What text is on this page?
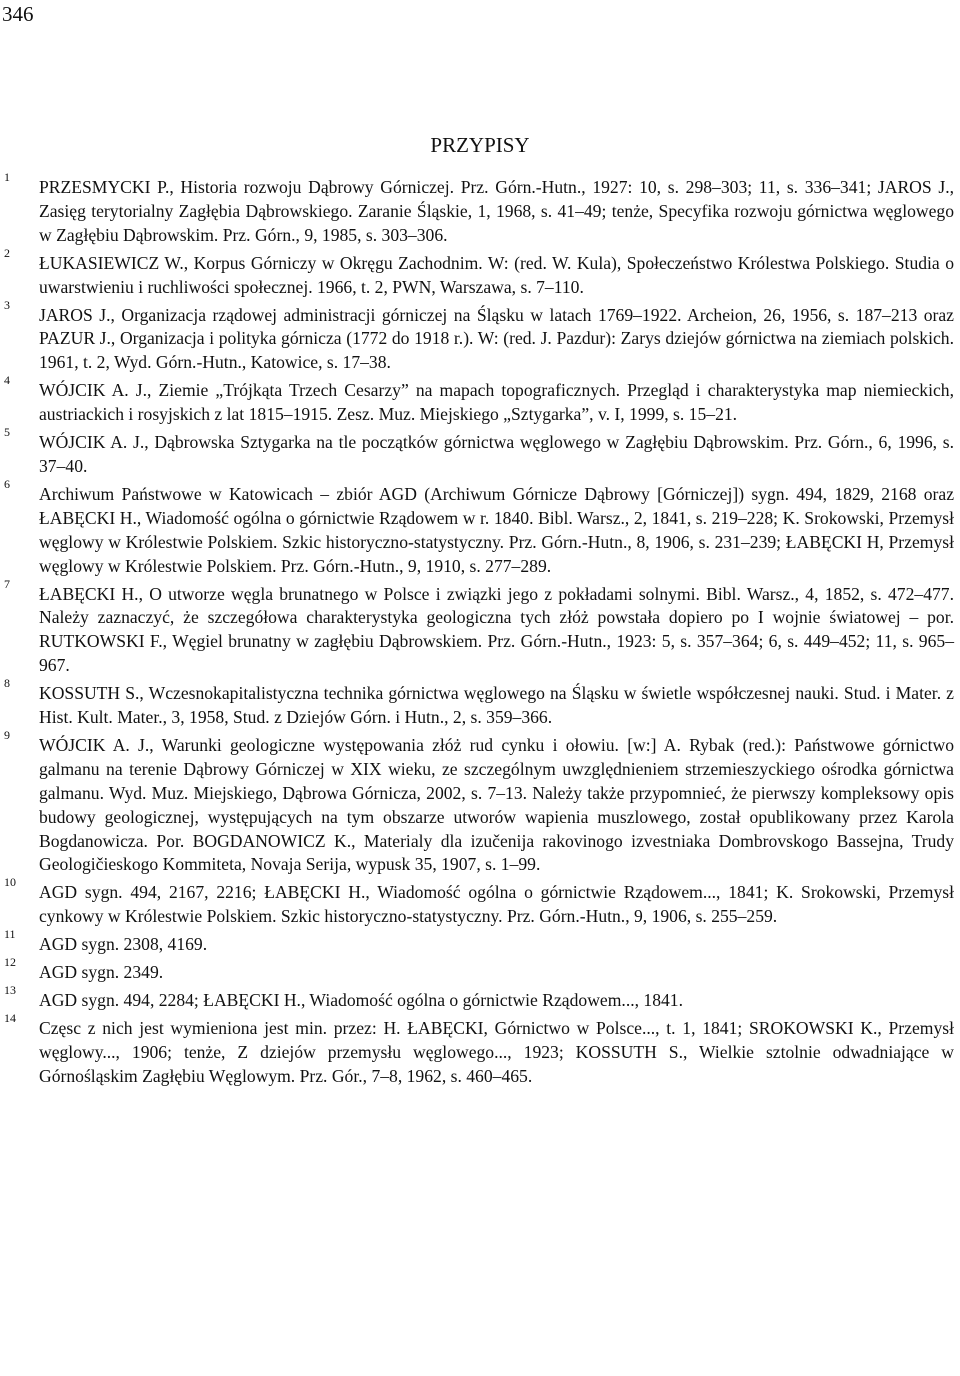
346
PRZYPISY
1 PRZESMYCKI P., Historia rozwoju Dąbrowy Górniczej. Prz. Górn.-Hutn., 1927: 10, s. 298–303; 11, s. 336–341; JAROS J., Zasięg terytorialny Zagłębia Dąbrowskiego. Zaranie Śląskie, 1, 1968, s. 41–49; tenże, Specyfika rozwoju górnictwa węglowego w Zagłębiu Dąbrowskim. Prz. Górn., 9, 1985, s. 303–306.
2 ŁUKASIEWICZ W., Korpus Górniczy w Okręgu Zachodnim. W: (red. W. Kula), Społeczeństwo Królestwa Polskiego. Studia o uwarstwieniu i ruchliwości społecznej. 1966, t. 2, PWN, Warszawa, s. 7–110.
3 JAROS J., Organizacja rządowej administracji górniczej na Śląsku w latach 1769–1922. Archeion, 26, 1956, s. 187–213 oraz PAZUR J., Organizacja i polityka górnicza (1772 do 1918 r.). W: (red. J. Pazdur): Zarys dziejów górnictwa na ziemiach polskich. 1961, t. 2, Wyd. Górn.-Hutn., Katowice, s. 17–38.
4 WÓJCIK A. J., Ziemie „Trójkąta Trzech Cesarzy” na mapach topograficznych. Przegląd i charakterystyka map niemieckich, austriackich i rosyjskich z lat 1815–1915. Zesz. Muz. Miejskiego „Sztygarka”, v. I, 1999, s. 15–21.
5 WÓJCIK A. J., Dąbrowska Sztygarka na tle początków górnictwa węglowego w Zagłębiu Dąbrowskim. Prz. Górn., 6, 1996, s. 37–40.
6 Archiwum Państwowe w Katowicach – zbiór AGD (Archiwum Górnicze Dąbrowy [Górniczej]) sygn. 494, 1829, 2168 oraz ŁABĘCKI H., Wiadomość ogólna o górnictwie Rządowem w r. 1840. Bibl. Warsz., 2, 1841, s. 219–228; K. Srokowski, Przemysł węglowy w Królestwie Polskiem. Szkic historyczno-statystyczny. Prz. Górn.-Hutn., 8, 1906, s. 231–239; ŁABĘCKI H, Przemysł węglowy w Królestwie Polskiem. Prz. Górn.-Hutn., 9, 1910, s. 277–289.
7 ŁABĘCKI H., O utworze węgla brunatnego w Polsce i związki jego z pokładami solnymi. Bibl. Warsz., 4, 1852, s. 472–477. Należy zaznaczyć, że szczegółowa charakterystyka geologiczna tych złóż powstała dopiero po I wojnie światowej – por. RUTKOWSKI F., Węgiel brunatny w zagłębiu Dąbrowskiem. Prz. Górn.-Hutn., 1923: 5, s. 357–364; 6, s. 449–452; 11, s. 965–967.
8 KOSSUTH S., Wczesnokapitalistyczna technika górnictwa węglowego na Śląsku w świetle współczesnej nauki. Stud. i Mater. z Hist. Kult. Mater., 3, 1958, Stud. z Dziejów Górn. i Hutn., 2, s. 359–366.
9 WÓJCIK A. J., Warunki geologiczne występowania złóż rud cynku i ołowiu. [w:] A. Rybak (red.): Państwowe górnictwo galmanu na terenie Dąbrowy Górniczej w XIX wieku, ze szczególnym uwzględnieniem strzemieszyckiego ośrodka górnictwa galmanu. Wyd. Muz. Miejskiego, Dąbrowa Górnicza, 2002, s. 7–13. Należy także przypomnieć, że pierwszy kompleksowy opis budowy geologicznej, występujących na tym obszarze utworów wapienia muszlowego, został opublikowany przez Karola Bogdanowicza. Por. BOGDANOWICZ K., Materialy dla izučenija rakovinogo izvestniaka Dombrovskogo Bassejna, Trudy Geologičieskogo Kommiteta, Novaja Serija, wypusk 35, 1907, s. 1–99.
10 AGD sygn. 494, 2167, 2216; ŁABĘCKI H., Wiadomość ogólna o górnictwie Rządowem..., 1841; K. Srokowski, Przemysł cynkowy w Królestwie Polskiem. Szkic historyczno-statystyczny. Prz. Górn.-Hutn., 9, 1906, s. 255–259.
11 AGD sygn. 2308, 4169.
12 AGD sygn. 2349.
13 AGD sygn. 494, 2284; ŁABĘCKI H., Wiadomość ogólna o górnictwie Rządowem..., 1841.
14 Częsc z nich jest wymieniona jest min. przez: H. ŁABĘCKI, Górnictwo w Polsce..., t. 1, 1841; SROKOWSKI K., Przemysł węglowy..., 1906; tenże, Z dziejów przemysłu węglowego..., 1923; KOSSUTH S., Wielkie sztolnie odwadniające w Górnośląskim Zagłębiu Węglowym. Prz. Gór., 7–8, 1962, s. 460–465.
